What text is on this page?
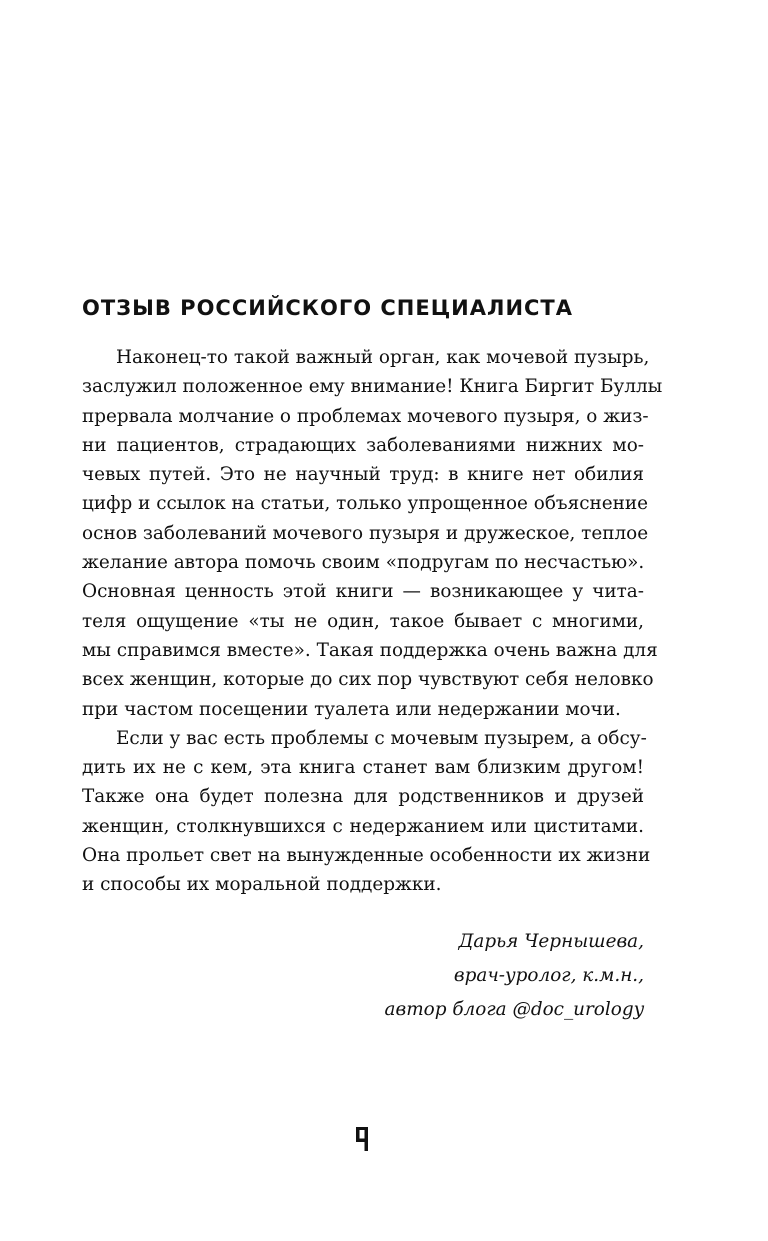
ОТЗЫВ РОССИЙСКОГО СПЕЦИАЛИСТА
Наконец-то такой важный орган, как мочевой пузырь,
заслужил положенное ему внимание! Книга Биргит Буллы
прервала молчание о проблемах мочевого пузыря, о жиз-
ни пациентов, страдающих заболеваниями нижних мо-
чевых путей. Это не научный труд: в книге нет обилия
цифр и ссылок на статьи, только упрощенное объяснение
основ заболеваний мочевого пузыря и дружеское, теплое
желание автора помочь своим «подругам по несчастью».
Основная ценность этой книги — возникающее у чита-
теля ощущение «ты не один, такое бывает с многими,
мы справимся вместе». Такая поддержка очень важна для
всех женщин, которые до сих пор чувствуют себя неловко
при частом посещении туалета или недержании мочи.
Если у вас есть проблемы с мочевым пузырем, а обсу-
дить их не с кем, эта книга станет вам близким другом!
Также она будет полезна для родственников и друзей
женщин, столкнувшихся с недержанием или циститами.
Она прольет свет на вынужденные особенности их жизни
и способы их моральной поддержки.
Дарья Чернышева,
врач-уролог, к.м.н.,
автор блога @doc_urology
